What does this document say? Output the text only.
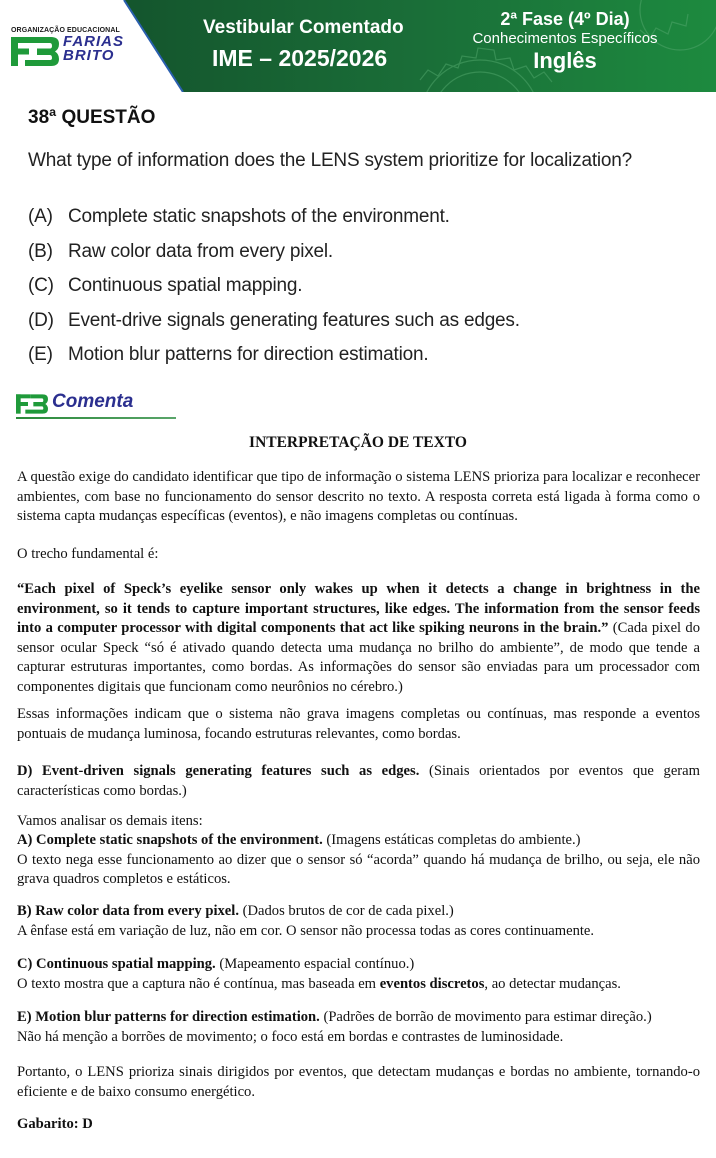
ORGANIZAÇÃO EDUCACIONAL
FARIAS
BRITO
Vestibular Comentado
IME – 2025/2026
2ª Fase (4º Dia)
Conhecimentos Específicos
Inglês
38ª QUESTÃO
What type of information does the LENS system prioritize for localization?
(A) Complete static snapshots of the environment.
(B) Raw color data from every pixel.
(C) Continuous spatial mapping.
(D) Event-drive signals generating features such as edges.
(E) Motion blur patterns for direction estimation.
Comenta
INTERPRETAÇÃO DE TEXTO
A questão exige do candidato identificar que tipo de informação o sistema LENS prioriza para localizar e reconhecer ambientes, com base no funcionamento do sensor descrito no texto. A resposta correta está ligada à forma como o sistema capta mudanças específicas (eventos), e não imagens completas ou contínuas.
O trecho fundamental é:
“Each pixel of Speck’s eyelike sensor only wakes up when it detects a change in brightness in the environment, so it tends to capture important structures, like edges. The information from the sensor feeds into a computer processor with digital components that act like spiking neurons in the brain.” (Cada pixel do sensor ocular Speck “só é ativado quando detecta uma mudança no brilho do ambiente”, de modo que tende a capturar estruturas importantes, como bordas. As informações do sensor são enviadas para um processador com componentes digitais que funcionam como neurônios no cérebro.)
Essas informações indicam que o sistema não grava imagens completas ou contínuas, mas responde a eventos pontuais de mudança luminosa, focando estruturas relevantes, como bordas.
D) Event-driven signals generating features such as edges. (Sinais orientados por eventos que geram características como bordas.)
Vamos analisar os demais itens:
A) Complete static snapshots of the environment. (Imagens estáticas completas do ambiente.)
O texto nega esse funcionamento ao dizer que o sensor só “acorda” quando há mudança de brilho, ou seja, ele não grava quadros completos e estáticos.
B) Raw color data from every pixel. (Dados brutos de cor de cada pixel.)
A ênfase está em variação de luz, não em cor. O sensor não processa todas as cores continuamente.
C) Continuous spatial mapping. (Mapeamento espacial contínuo.)
O texto mostra que a captura não é contínua, mas baseada em eventos discretos, ao detectar mudanças.
E) Motion blur patterns for direction estimation. (Padrões de borrão de movimento para estimar direção.)
Não há menção a borrões de movimento; o foco está em bordas e contrastes de luminosidade.
Portanto, o LENS prioriza sinais dirigidos por eventos, que detectam mudanças e bordas no ambiente, tornando-o eficiente e de baixo consumo energético.
Gabarito: D
